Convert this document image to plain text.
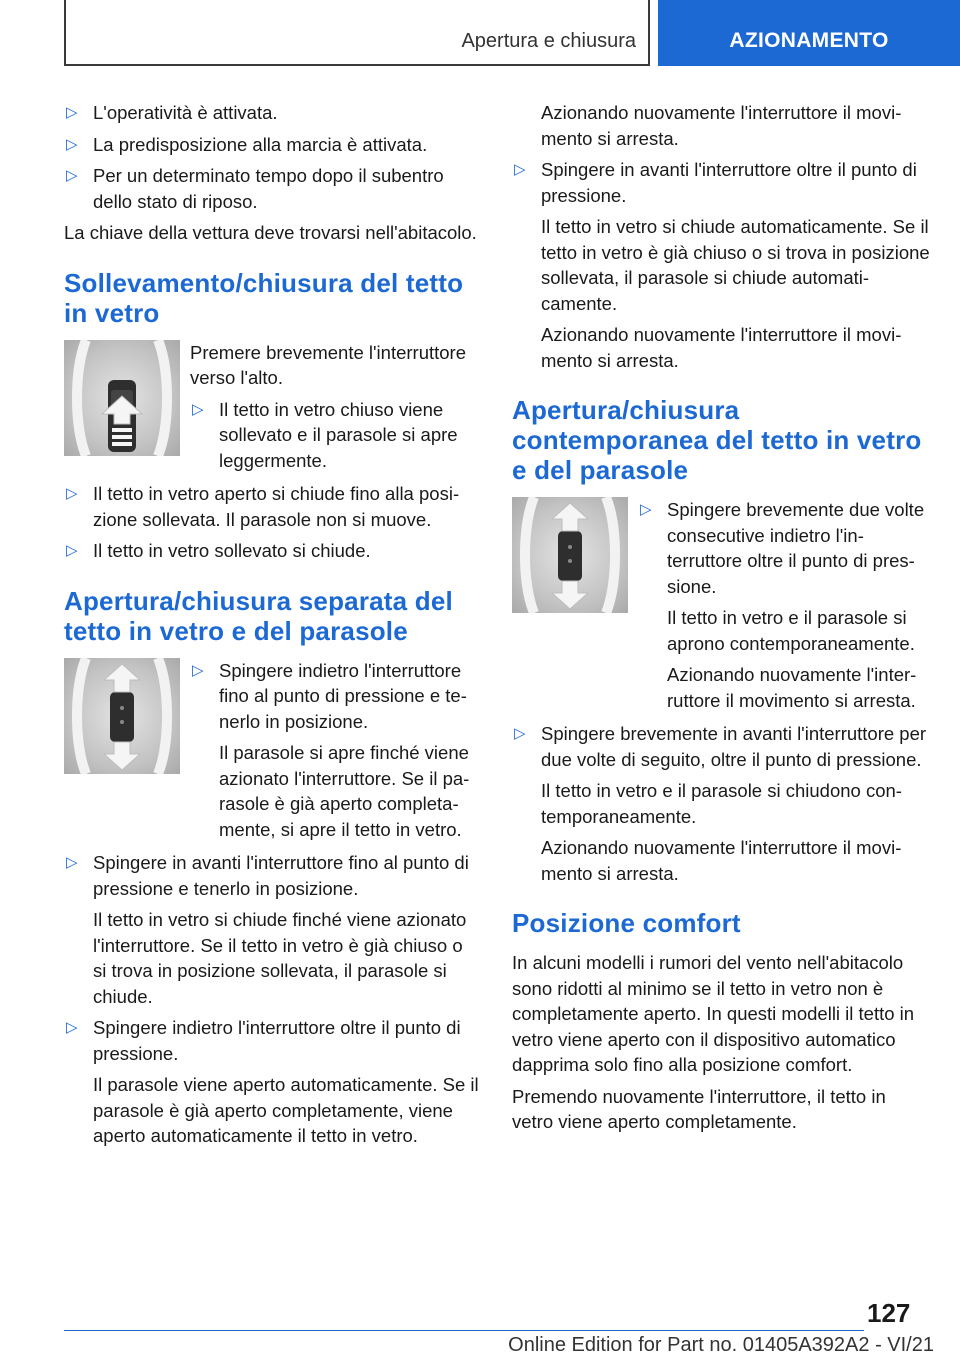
Apertura e chiusura	AZIONAMENTO
▷ L'operatività è attivata.
▷ La predisposizione alla marcia è attivata.
▷ Per un determinato tempo dopo il subentro dello stato di riposo.

La chiave della vettura deve trovarsi nell'abitacolo.

Sollevamento/chiusura del tetto in vetro

Premere brevemente l'interruttore verso l'alto.

▷ Il tetto in vetro chiuso viene sollevato e il parasole si apre leggermente.
▷ Il tetto in vetro aperto si chiude fino alla posizione sollevata. Il parasole non si muove.
▷ Il tetto in vetro sollevato si chiude.
Apertura/chiusura separata del tetto in vetro e del parasole
▷ Spingere indietro l'interruttore fino al punto di pressione e tenerlo in posizione.
Il parasole si apre finché viene azionato l'interruttore. Se il parasole è già aperto completamente, si apre il tetto in vetro.
▷ Spingere in avanti l'interruttore fino al punto di pressione e tenerlo in posizione.
Il tetto in vetro si chiude finché viene azionato l'interruttore. Se il tetto in vetro è già chiuso o si trova in posizione sollevata, il parasole si chiude.
▷ Spingere indietro l'interruttore oltre il punto di pressione.
Il parasole viene aperto automaticamente. Se il parasole è già aperto completamente, viene aperto automaticamente il tetto in vetro.
Azionando nuovamente l'interruttore il movimento si arresta.
▷ Spingere in avanti l'interruttore oltre il punto di pressione.
Il tetto in vetro si chiude automaticamente. Se il tetto in vetro è già chiuso o si trova in posizione sollevata, il parasole si chiude automaticamente.
Azionando nuovamente l'interruttore il movimento si arresta.
Apertura/chiusura contemporanea del tetto in vetro e del parasole
▷ Spingere brevemente due volte consecutive indietro l'interruttore oltre il punto di pressione.
Il tetto in vetro e il parasole si aprono contemporaneamente.
Azionando nuovamente l'interruttore il movimento si arresta.
▷ Spingere brevemente in avanti l'interruttore per due volte di seguito, oltre il punto di pressione.
Il tetto in vetro e il parasole si chiudono contemporaneamente.
Azionando nuovamente l'interruttore il movimento si arresta.
Posizione comfort

In alcuni modelli i rumori del vento nell'abitacolo sono ridotti al minimo se il tetto in vetro non è completamente aperto. In questi modelli il tetto in vetro viene aperto con il dispositivo automatico dapprima solo fino alla posizione comfort.

Premendo nuovamente l'interruttore, il tetto in vetro viene aperto completamente.

127
Online Edition for Part no. 01405A392A2 - VI/21
